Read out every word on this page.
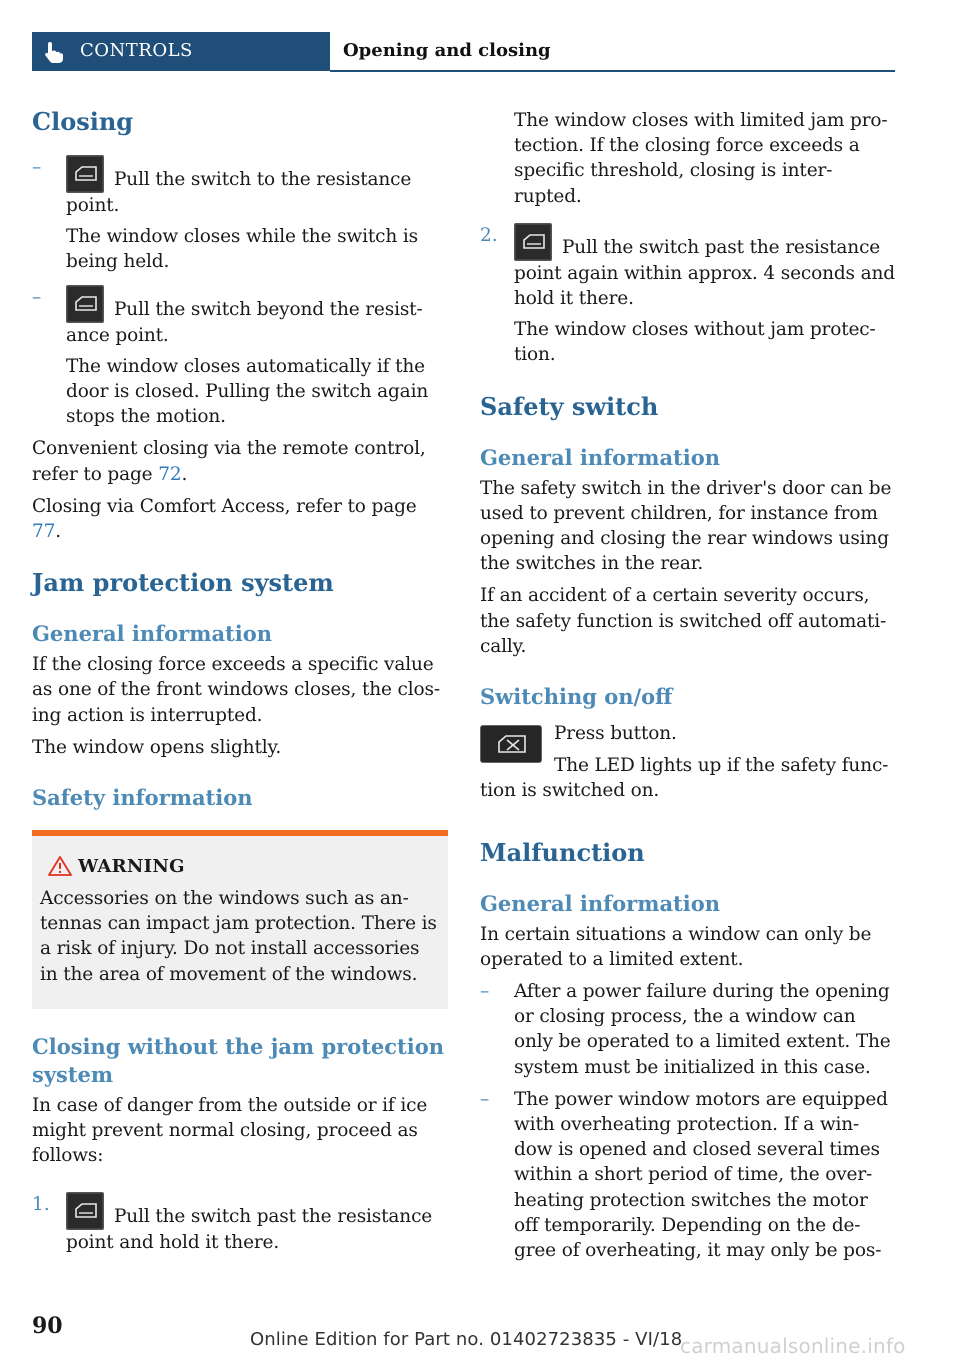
CONTROLS	Opening and closing
Closing
–
Pull the switch to the resistance point.

The window closes while the switch is being held.

–
Pull the switch beyond the resist‐ ance point.

The window closes automatically if the door is closed. Pulling the switch again stops the motion.

Convenient closing via the remote control, refer to page 72.

Closing via Comfort Access, refer to page 77.

Jam protection system
General information

If the closing force exceeds a specific value as one of the front windows closes, the clos‐ ing action is interrupted.

The window opens slightly.

Safety information
WARNING

Accessories on the windows such as an‐ tennas can impact jam protection. There is a risk of injury. Do not install accessories in the area of movement of the windows.

Closing without the jam protection system

In case of danger from the outside or if ice might prevent normal closing, proceed as follows:

1.
Pull the switch past the resistance point and hold it there.

The window closes with limited jam pro‐ tection. If the closing force exceeds a specific threshold, closing is inter‐ rupted.

2.
Pull the switch past the resistance point again within approx. 4 seconds and hold it there.

The window closes without jam protec‐ tion.

Safety switch
General information

The safety switch in the driver's door can be used to prevent children, for instance from opening and closing the rear windows using the switches in the rear.

If an accident of a certain severity occurs, the safety function is switched off automati‐ cally.

Switching on/off

Press button.

The LED lights up if the safety func‐ tion is switched on.

Malfunction
General information

In certain situations a window can only be operated to a limited extent.

– After a power failure during the opening or closing process, the a window can only be operated to a limited extent. The system must be initialized in this case.

– The power window motors are equipped with overheating protection. If a win‐ dow is opened and closed several times within a short period of time, the over‐ heating protection switches the motor off temporarily. Depending on the de‐ gree of overheating, it may only be pos‐

90
Online Edition for Part no. 01402723835 - VI/18
carmanualsonline.info
